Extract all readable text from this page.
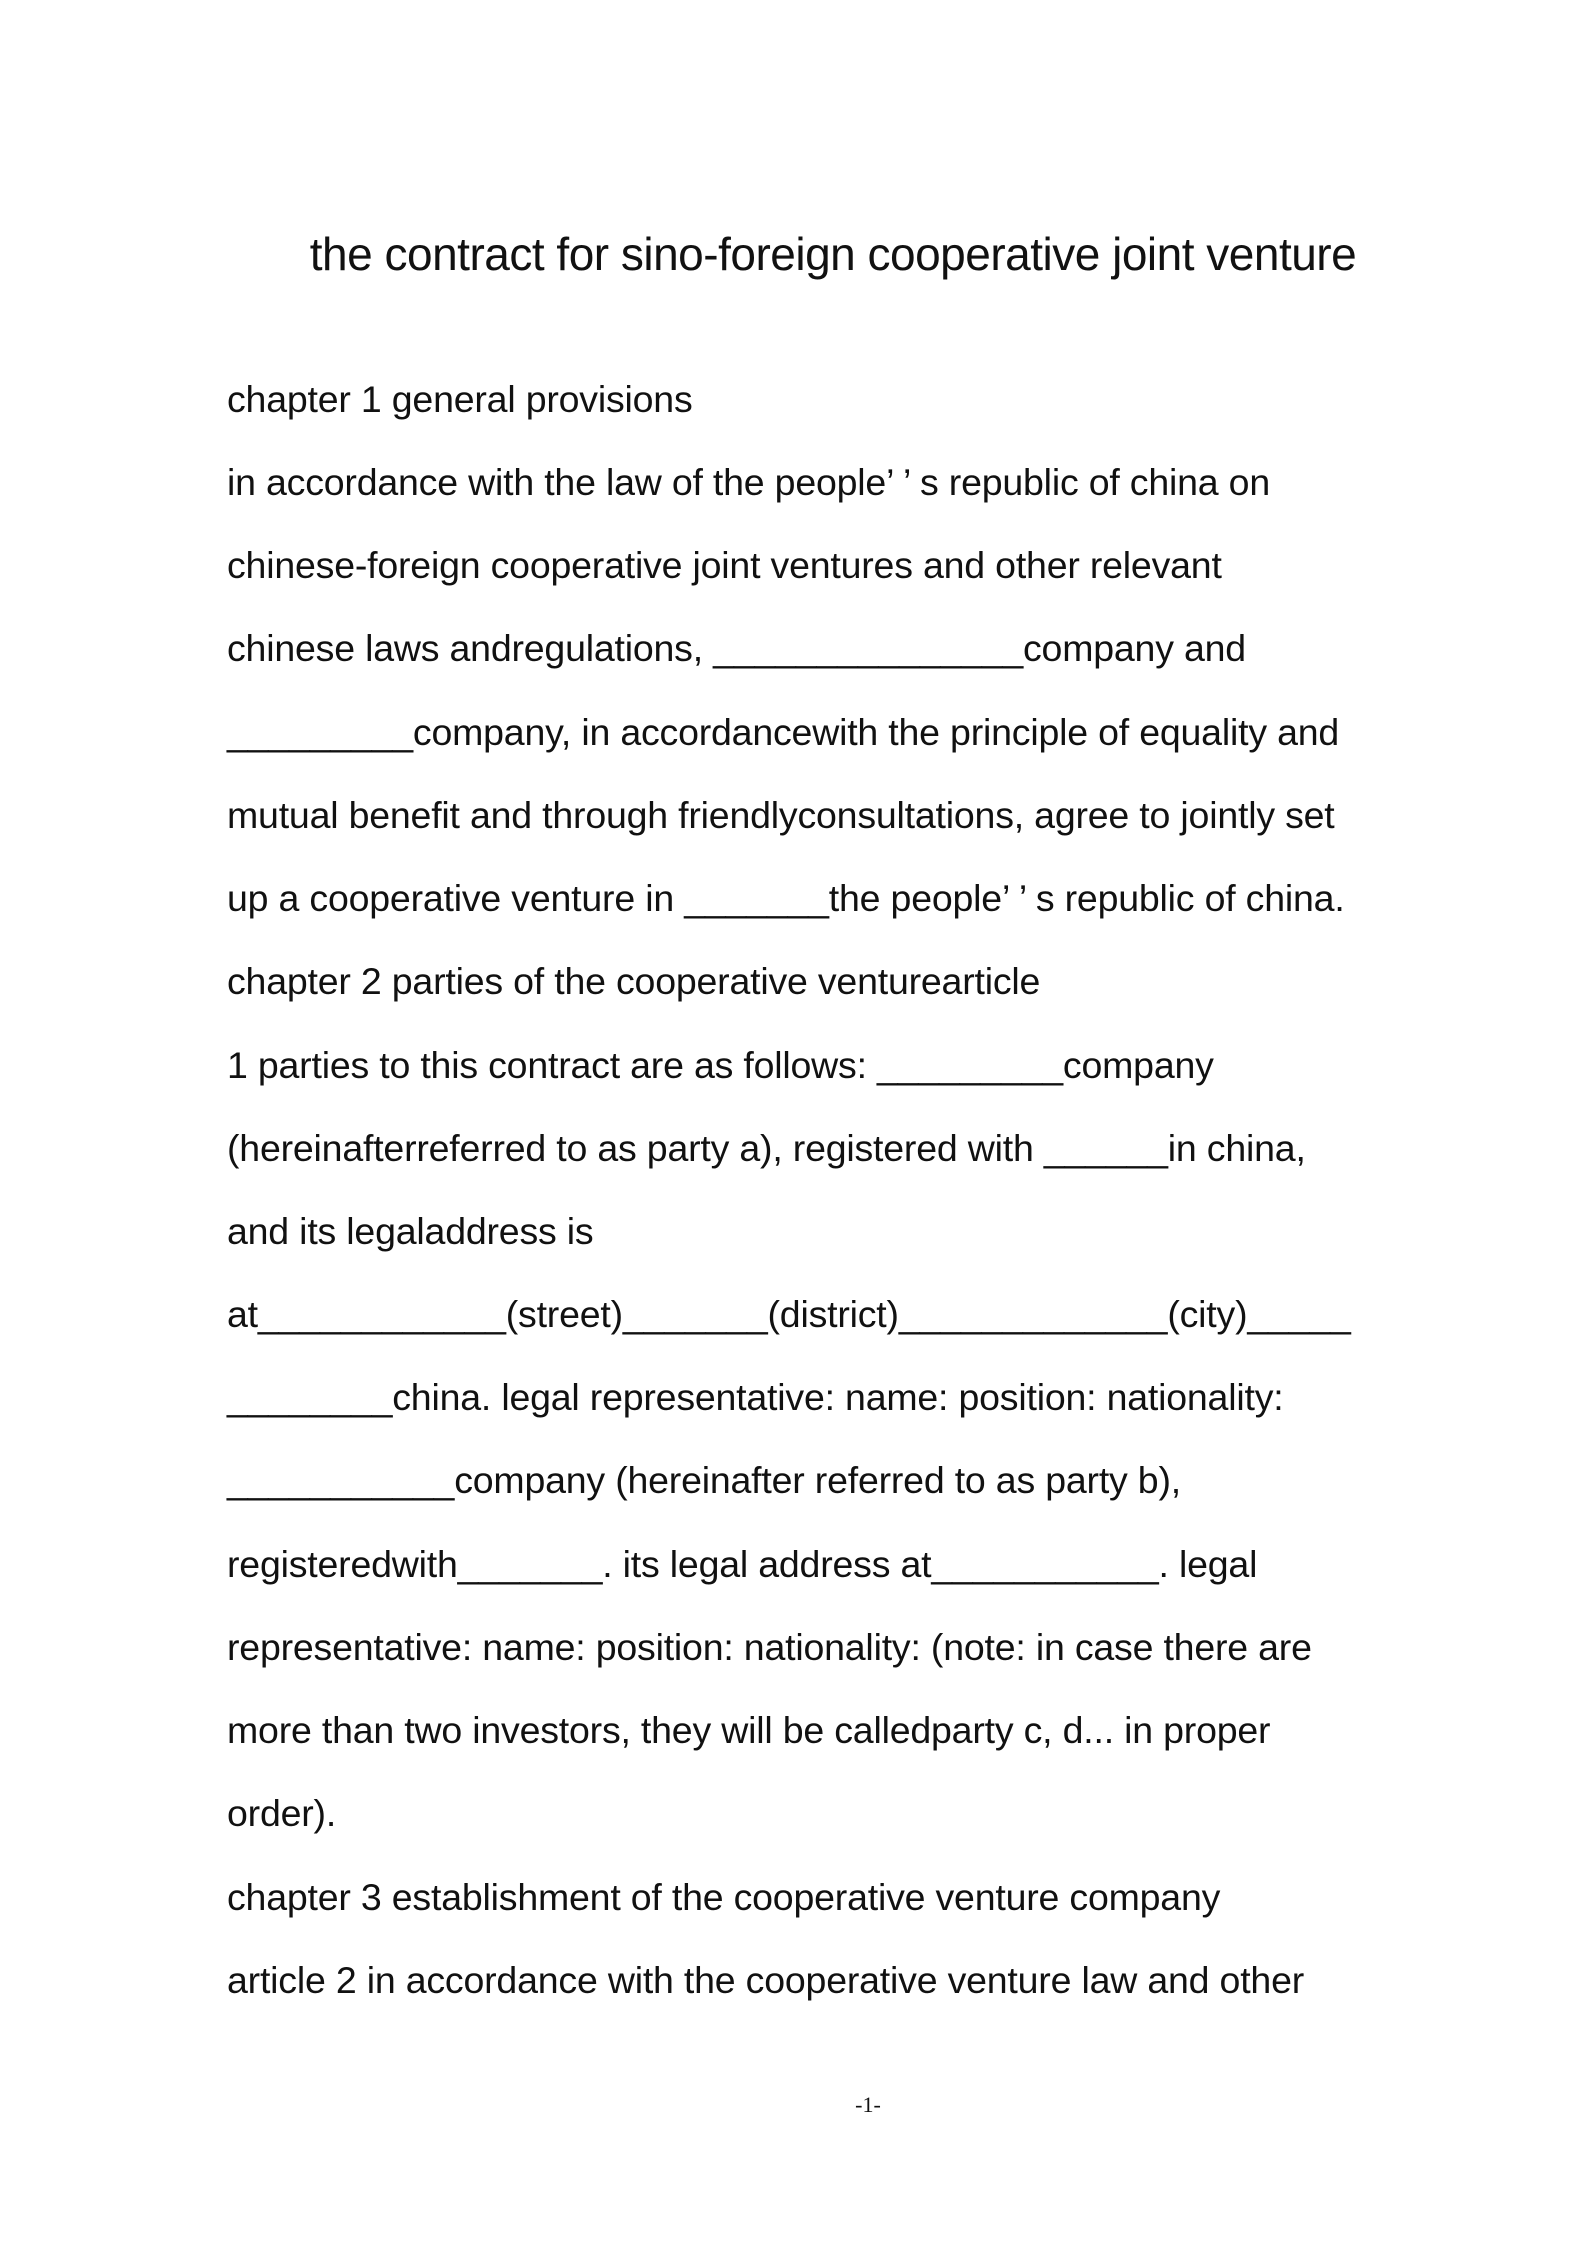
the contract for sino-foreign cooperative joint venture

chapter 1 general provisions

in accordance with the law of the people’ ’ s republic of china on

chinese-foreign cooperative joint ventures and other relevant

chinese laws andregulations, _______________company and

_________company, in accordancewith the principle of equality and

mutual benefit and through friendlyconsultations, agree to jointly set

up a cooperative venture in _______the people’ ’ s republic of china.

chapter 2 parties of the cooperative venturearticle

1 parties to this contract are as follows: _________company

(hereinafterreferred to as party a), registered with ______in china,

and its legaladdress is

at____________(street)_______(district)_____________(city)_____

________china. legal representative: name: position: nationality:

___________company (hereinafter referred to as party b),

registeredwith_______. its legal address at___________. legal

representative: name: position: nationality: (note: in case there are

more than two investors, they will be calledparty c, d... in proper

order).

chapter 3 establishment of the cooperative venture company

article 2 in accordance with the cooperative venture law and other

-1-
